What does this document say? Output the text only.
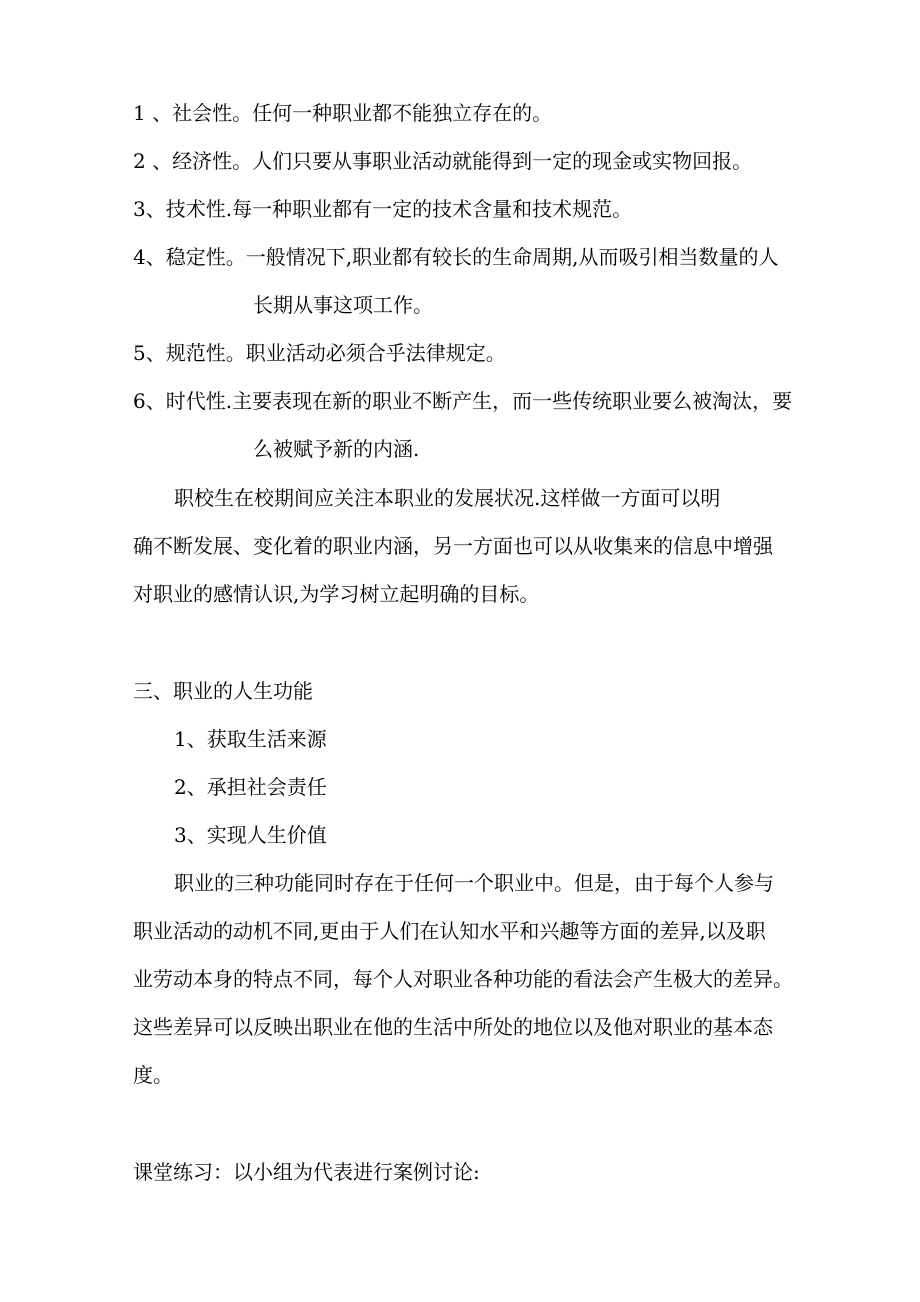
1 、社会性。任何一种职业都不能独立存在的。
2 、经济性。人们只要从事职业活动就能得到一定的现金或实物回报。
3、技术性.每一种职业都有一定的技术含量和技术规范。
4、稳定性。一般情况下,职业都有较长的生命周期,从而吸引相当数量的人
长期从事这项工作。
5、规范性。职业活动必须合乎法律规定。
6、时代性.主要表现在新的职业不断产生，而一些传统职业要么被淘汰，要
么被赋予新的内涵.
职校生在校期间应关注本职业的发展状况.这样做一方面可以明
确不断发展、变化着的职业内涵，另一方面也可以从收集来的信息中增强
对职业的感情认识,为学习树立起明确的目标。
三、职业的人生功能
1、获取生活来源
2、承担社会责任
3、实现人生价值
职业的三种功能同时存在于任何一个职业中。但是，由于每个人参与
职业活动的动机不同,更由于人们在认知水平和兴趣等方面的差异,以及职
业劳动本身的特点不同，每个人对职业各种功能的看法会产生极大的差异。
这些差异可以反映出职业在他的生活中所处的地位以及他对职业的基本态
度。
课堂练习：以小组为代表进行案例讨论:
